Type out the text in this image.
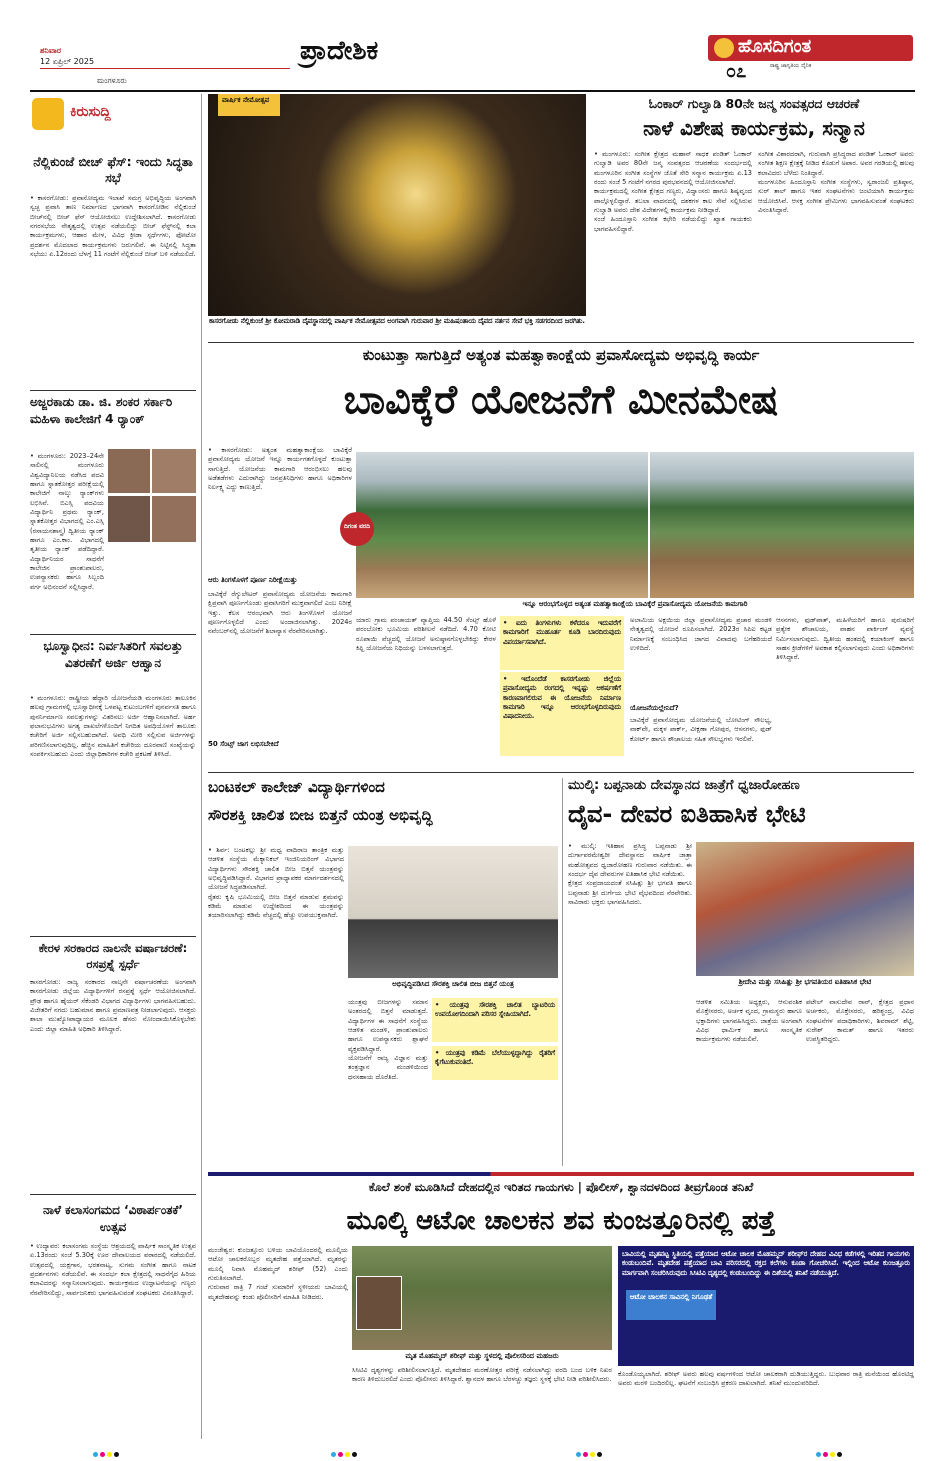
ಶನಿವಾರ
12 ಏಪ್ರಿಲ್ 2025
ಮಂಗಳೂರು
ಪ್ರಾದೇಶಿಕ	ಹೊಸದಿಗಂತ
ರಾಷ್ಟ್ರ ಜಾಗೃತಿಯ ದೈನಿಕ
೦೭
ಕಿರುಸುದ್ದಿ
ನೆಲ್ಲಿಕುಂಜೆ ಬೀಚ್ ಫೆಸ್: ಇಂದು ಸಿದ್ಧತಾ ಸಭೆ
• ಕಾಸರಗೋಡು: ಪ್ರವಾಸೋದ್ಯಮ ಇಲಾಖೆ ಸಮಗ್ರ ಅಭಿವೃದ್ಧಿಯ ಅಂಗವಾಗಿ ಸ್ವಚ್ಛ ಪ್ರವಾಸಿ ತಾಣ ನಿರ್ಮಾಣದ ಭಾಗವಾಗಿ ಕಾಸರಗೋಡಿನ ನೆಲ್ಲಿಕುಂಜೆ ಬೀಚ್‌ನಲ್ಲಿ ಬೀಚ್ ಫೆಸ್ ಆಯೋಜಿಸಲು ಉದ್ದೇಶಿಸಲಾಗಿದೆ. ಕಾಸರಗೋಡು ನಗರಸಭೆಯ ನೇತೃತ್ವದಲ್ಲಿ ಉತ್ಸವ ನಡೆಯಲಿದ್ದು ಬೀಚ್ ಫೆಸ್ಟ್‌ನಲ್ಲಿ ಕಲಾ ಕಾರ್ಯಕ್ರಮಗಳು, ಆಹಾರ ಮೇಳ, ವಿವಿಧ ಕ್ರೀಡಾ ಸ್ಪರ್ಧೆಗಳು, ಫೋಟೋ ಪ್ರದರ್ಶನ ಮೊದಲಾದ ಕಾರ್ಯಕ್ರಮಗಳು ಜರುಗಲಿವೆ. ಈ ನಿಟ್ಟಿನಲ್ಲಿ ಸಿದ್ಧತಾ ಸಭೆಯು ಏ.12ರಂದು ಬೆಳಗ್ಗೆ 11 ಗಂಟೆಗೆ ನೆಲ್ಲಿಕುಂಜೆ ಬೀಚ್ ಬಳಿ ನಡೆಯಲಿದೆ.
ಅಜ್ಜರಕಾಡು ಡಾ. ಜಿ. ಶಂಕರ ಸರ್ಕಾರಿ ಮಹಿಳಾ ಕಾಲೇಜಿಗೆ 4 ರ‍್ಯಾಂಕ್
• ಮಂಗಳೂರು: 2023–24ನೇ ಸಾಲಿನಲ್ಲಿ ಮಂಗಳೂರು ವಿಶ್ವವಿದ್ಯಾನಿಲಯ ನಡೆಸಿದ ಪದವಿ ಹಾಗೂ ಸ್ನಾತಕೋತ್ತರ ಪರೀಕ್ಷೆಯಲ್ಲಿ ಕಾಲೇಜಿಗೆ ನಾಲ್ಕು ರ‍್ಯಾಂಕ್‌ಗಳು ಲಭಿಸಿವೆ. ಬಿಎಸ್ಸಿ ಪದವಿಯ ವಿದ್ಯಾರ್ಥಿನಿ ಪ್ರಥಮ ರ‍್ಯಾಂಕ್, ಸ್ನಾತಕೋತ್ತರ ವಿಭಾಗದಲ್ಲಿ ಎಂ.ಎಸ್ಸಿ (ರಸಾಯನಶಾಸ್ತ್ರ) ದ್ವಿತೀಯ ರ‍್ಯಾಂಕ್ ಹಾಗೂ ಎಂ.ಕಾಂ. ವಿಭಾಗದಲ್ಲಿ ತೃತೀಯ ರ‍್ಯಾಂಕ್ ಪಡೆದಿದ್ದಾರೆ. ವಿದ್ಯಾರ್ಥಿನಿಯರ ಸಾಧನೆಗೆ ಕಾಲೇಜಿನ ಪ್ರಾಂಶುಪಾಲರು, ಉಪನ್ಯಾಸಕರು ಹಾಗೂ ಸಿಬ್ಬಂದಿ ವರ್ಗ ಅಭಿನಂದನೆ ಸಲ್ಲಿಸಿದ್ದಾರೆ.
ಭೂಸ್ವಾಧೀನ: ನಿರ್ವಸಿತರಿಗೆ ಸವಲತ್ತು ವಿತರಣೆಗೆ ಅರ್ಜಿ ಆಹ್ವಾನ
• ಮಂಗಳೂರು: ರಾಷ್ಟ್ರೀಯ ಹೆದ್ದಾರಿ ಯೋಜನೆಯಡಿ ಮಂಗಳೂರು ತಾಲೂಕಿನ ಹಲವು ಗ್ರಾಮಗಳಲ್ಲಿ ಭೂಸ್ವಾಧೀನಕ್ಕೆ ಒಳಪಟ್ಟ ಕುಟುಂಬಗಳಿಗೆ ಪುನರ್ವಸತಿ ಹಾಗೂ ಪುನರ್ನಿರ್ಮಾಣ ಸವಲತ್ತುಗಳನ್ನು ವಿತರಿಸಲು ಅರ್ಜಿ ಆಹ್ವಾನಿಸಲಾಗಿದೆ. ಅರ್ಹ ಫಲಾನುಭವಿಗಳು ಅಗತ್ಯ ದಾಖಲೆಗಳೊಂದಿಗೆ ನಿಗದಿತ ಅವಧಿಯೊಳಗೆ ತಾಲೂಕು ಕಚೇರಿಗೆ ಅರ್ಜಿ ಸಲ್ಲಿಸಬಹುದಾಗಿದೆ. ಅವಧಿ ಮೀರಿ ಸಲ್ಲಿಸುವ ಅರ್ಜಿಗಳನ್ನು ಪರಿಗಣಿಸಲಾಗುವುದಿಲ್ಲ. ಹೆಚ್ಚಿನ ಮಾಹಿತಿಗೆ ಕಚೇರಿಯ ದೂರವಾಣಿ ಸಂಖ್ಯೆಯನ್ನು ಸಂಪರ್ಕಿಸಬಹುದು ಎಂದು ಜಿಲ್ಲಾಧಿಕಾರಿಗಳ ಕಚೇರಿ ಪ್ರಕಟಣೆ ತಿಳಿಸಿದೆ.
ಕೇರಳ ಸರಕಾರದ ನಾಲನೇ ವರ್ಷಾಚರಣೆ: ರಸಪ್ರಶ್ನೆ ಸ್ಪರ್ಧೆ
ಕಾಸರಗೋಡು: ರಾಜ್ಯ ಸರಕಾರದ ನಾಲ್ಕನೇ ವರ್ಷಾಚರಣೆಯ ಅಂಗವಾಗಿ ಕಾಸರಗೋಡು ಜಿಲ್ಲೆಯ ವಿದ್ಯಾರ್ಥಿಗಳಿಗೆ ರಸಪ್ರಶ್ನೆ ಸ್ಪರ್ಧೆ ಆಯೋಜಿಸಲಾಗಿದೆ. ಪ್ರೌಢ ಹಾಗೂ ಹೈಯರ್ ಸೆಕೆಂಡರಿ ವಿಭಾಗದ ವಿದ್ಯಾರ್ಥಿಗಳು ಭಾಗವಹಿಸಬಹುದು. ವಿಜೇತರಿಗೆ ನಗದು ಬಹುಮಾನ ಹಾಗೂ ಪ್ರಮಾಣಪತ್ರ ನೀಡಲಾಗುವುದು. ಆಸಕ್ತರು ಶಾಲಾ ಮುಖ್ಯೋಪಾಧ್ಯಾಯರ ಮೂಲಕ ಹೆಸರು ನೋಂದಾಯಿಸಿಕೊಳ್ಳಬೇಕು ಎಂದು ಜಿಲ್ಲಾ ಮಾಹಿತಿ ಅಧಿಕಾರಿ ತಿಳಿಸಿದ್ದಾರೆ.
ನಾಳೆ ಕಲಾಸಂಗಮದ ‘ವಿಠಾರ್ಪಂತಕೆ’ ಉತ್ಸವ
• ಉದ್ಯಾವರ: ಕಲಾಸಂಗಮ ಸಂಸ್ಥೆಯ ಆಶ್ರಯದಲ್ಲಿ ವಾರ್ಷಿಕ ಸಾಂಸ್ಕೃತಿಕ ಉತ್ಸವ ಏ.13ರಂದು ಸಂಜೆ 5.30ಕ್ಕೆ ಊರ ದೇವಾಲಯದ ವಠಾರದಲ್ಲಿ ನಡೆಯಲಿದೆ. ಉತ್ಸವದಲ್ಲಿ ಯಕ್ಷಗಾನ, ಭರತನಾಟ್ಯ, ಸುಗಮ ಸಂಗೀತ ಹಾಗೂ ನಾಟಕ ಪ್ರದರ್ಶನಗಳು ನಡೆಯಲಿವೆ. ಈ ಸಂದರ್ಭ ಕಲಾ ಕ್ಷೇತ್ರದಲ್ಲಿ ಸಾಧನೆಗೈದ ಹಿರಿಯ ಕಲಾವಿದರನ್ನು ಸನ್ಮಾನಿಸಲಾಗುವುದು. ಕಾರ್ಯಕ್ರಮದ ಉದ್ಘಾಟನೆಯನ್ನು ಗಣ್ಯರು ನೆರವೇರಿಸಲಿದ್ದು, ಸಾರ್ವಜನಿಕರು ಭಾಗವಹಿಸುವಂತೆ ಸಂಘಟಕರು ವಿನಂತಿಸಿದ್ದಾರೆ.
ವಾರ್ಷಿಕ ನೇಮೋತ್ಸವ
ಕಾಸರಗೋಡು ನೆಲ್ಲಿಕುಂಜೆ ಶ್ರೀ ಕೋಮರಾಡಿ ದೈವಸ್ಥಾನದಲ್ಲಿ ವಾರ್ಷಿಕ ನೇಮೋತ್ಸವದ ಅಂಗವಾಗಿ ಗುರುವಾರ ಶ್ರೀ ಮಹಿಷಂತಾಯ ದೈವದ ನರ್ತನ ಸೇವೆ ಭಕ್ತಿ ಸಡಗರದಿಂದ ಜರಗಿತು.
ಓಂಕಾರ್ ಗುಲ್ವಾಡಿ 80ನೇ ಜನ್ಮ ಸಂವತ್ಸರದ ಆಚರಣೆ
ನಾಳೆ ವಿಶೇಷ ಕಾರ್ಯಕ್ರಮ, ಸನ್ಮಾನ
• ಮಂಗಳೂರು: ಸಂಗೀತ ಕ್ಷೇತ್ರದ ಮಹಾನ್ ಸಾಧಕ ಪಂಡಿತ್ ಓಂಕಾರ್ ಗುಲ್ವಾಡಿ ಅವರ 80ನೇ ಜನ್ಮ ಸಂವತ್ಸರದ ಆಚರಣೆಯ ಸಂದರ್ಭದಲ್ಲಿ ಮಂಗಳೂರಿನ ಸಂಗೀತ ಸಂಸ್ಥೆಗಳ ಜೊತೆ ಸೇರಿ ಸನ್ಮಾನ ಕಾರ್ಯಕ್ರಮ ಏ.13 ರಂದು ಸಂಜೆ 5 ಗಂಟೆಗೆ ನಗರದ ಪುರಭವನದಲ್ಲಿ ಆಯೋಜಿಸಲಾಗಿದೆ.
ಕಾರ್ಯಕ್ರಮದಲ್ಲಿ ಸಂಗೀತ ಕ್ಷೇತ್ರದ ಗಣ್ಯರು, ವಿದ್ವಾಂಸರು ಹಾಗೂ ಶಿಷ್ಯವೃಂದ ಪಾಲ್ಗೊಳ್ಳಲಿದ್ದಾರೆ. ತಬಲಾ ವಾದನದಲ್ಲಿ ದಶಕಗಳ ಕಾಲ ಸೇವೆ ಸಲ್ಲಿಸಿರುವ ಗುಲ್ವಾಡಿ ಅವರು ದೇಶ ವಿದೇಶಗಳಲ್ಲಿ ಕಾರ್ಯಕ್ರಮ ನೀಡಿದ್ದಾರೆ.
ಸಂಜೆ ಹಿಂದೂಸ್ತಾನಿ ಸಂಗೀತ ಕಛೇರಿ ನಡೆಯಲಿದ್ದು ಖ್ಯಾತ ಗಾಯಕರು ಭಾಗವಹಿಸಲಿದ್ದಾರೆ.
ಸಂಗೀತ ವಿಶಾರದರಾಗಿ, ಗುರುವಾಗಿ ಪ್ರಸಿದ್ಧರಾದ ಪಂಡಿತ್ ಓಂಕಾರ್ ಅವರು ಸಂಗೀತ ಶಿಕ್ಷಣ ಕ್ಷೇತ್ರಕ್ಕೆ ನೀಡಿದ ಕೊಡುಗೆ ಅಪಾರ. ಅವರ ಗರಡಿಯಲ್ಲಿ ಹಲವು ಕಲಾವಿದರು ಬೆಳೆದು ನಿಂತಿದ್ದಾರೆ.
ಮಂಗಳೂರಿನ ಹಿಂದೂಸ್ತಾನಿ ಸಂಗೀತ ಸಂಸ್ಥೆಗಳು, ಸ್ವರಾಂಜಲಿ ಪ್ರತಿಷ್ಠಾನ, ಸುರ್ ತಾಲ್ ಹಾಗೂ ಇತರ ಸಂಘಟನೆಗಳು ಜಂಟಿಯಾಗಿ ಕಾರ್ಯಕ್ರಮ ಆಯೋಜಿಸಿವೆ. ಆಸಕ್ತ ಸಂಗೀತ ಪ್ರೇಮಿಗಳು ಭಾಗವಹಿಸುವಂತೆ ಸಂಘಟಕರು ವಿನಂತಿಸಿದ್ದಾರೆ.
ಕುಂಟುತ್ತಾ ಸಾಗುತ್ತಿದೆ ಅತ್ಯಂತ ಮಹತ್ವಾಕಾಂಕ್ಷೆಯ ಪ್ರವಾಸೋದ್ಯಮ ಅಭಿವೃದ್ಧಿ ಕಾರ್ಯ
ಬಾವಿಕ್ಕೆರೆ ಯೋಜನೆಗೆ ಮೀನಮೇಷ
• ಕಾಸರಗೋಡು: ಅತ್ಯಂತ ಮಹತ್ವಾಕಾಂಕ್ಷೆಯ ಬಾವಿಕ್ಕೆರೆ ಪ್ರವಾಸೋದ್ಯಮ ಯೋಜನೆ ಇನ್ನೂ ಕಾರ್ಯಗತಗೊಳ್ಳದೆ ಕುಂಟುತ್ತಾ ಸಾಗುತ್ತಿದೆ. ಯೋಜನೆಯ ಕಾಮಗಾರಿ ಆರಂಭಿಸಲು ಹಲವು ಅಡೆತಡೆಗಳು ಎದುರಾಗಿದ್ದು ಜನಪ್ರತಿನಿಧಿಗಳು ಹಾಗೂ ಅಧಿಕಾರಿಗಳ ನಿರ್ಲಕ್ಷ್ಯ ಎದ್ದು ಕಾಣುತ್ತಿದೆ.
ಆರು ತಿಂಗಳೊಳಗೆ ಪೂರ್ಣ ನಿರೀಕ್ಷೆಯಿತ್ತು
ಬಾವಿಕ್ಕೆರೆ ರೆಗ್ಯುಲೇಟರ್ ಪ್ರವಾಸೋದ್ಯಮ ಯೋಜನೆಯ ಕಾಮಗಾರಿ ಕ್ಷಿಪ್ರವಾಗಿ ಪೂರ್ಣಗೊಂಡು ಪ್ರವಾಸಿಗರಿಗೆ ಮುಕ್ತವಾಗಲಿದೆ ಎಂಬ ನಿರೀಕ್ಷೆ ಇತ್ತು. ಕೆಲಸ ಆರಂಭವಾಗಿ ಆರು ತಿಂಗಳೊಳಗೆ ಯೋಜನೆ ಪೂರ್ಣಗೊಳ್ಳಲಿದೆ ಎಂದು ಅಂದಾಜಿಸಲಾಗಿತ್ತು. 2024ರ ನವೆಂಬರ್‌ನಲ್ಲಿ ಯೋಜನೆಗೆ ಶಿಲಾನ್ಯಾಸ ನೆರವೇರಿಸಲಾಗಿತ್ತು.
50 ಸೆಂಟ್ಸ್ ಜಾಗ ಲಭಿಸಬೇಕಿದೆ
ದಿಗಂತ ವರದಿ
ಇನ್ನೂ ಆರಂಭಗೊಳ್ಳದ ಅತ್ಯಂತ ಮಹತ್ವಾಕಾಂಕ್ಷೆಯ ಬಾವಿಕ್ಕೆರೆ ಪ್ರವಾಸೋದ್ಯಮ ಯೋಜನೆಯ ಕಾಮಗಾರಿ
ಯಾರು ಗ್ರಾಮ ಪಂಚಾಯತ್ ವ್ಯಾಪ್ತಿಯ 44.50 ಸೆಂಟ್ಸ್ ಹೊಳೆ ಪರಂಬೋಕು ಭೂಮಿಯ ಪರಿಶೀಲನೆ ನಡೆದಿದೆ. 4.70 ಕೋಟಿ ರೂಪಾಯಿ ವೆಚ್ಚದಲ್ಲಿ ಯೋಜನೆ ಅನುಷ್ಠಾನಗೊಳ್ಳಬೇಕಿದ್ದು ಕೇರಳ ಕಿಫ್ಬಿ ಯೋಜನೆಯ ನಿಧಿಯನ್ನು ಬಳಸಲಾಗುತ್ತದೆ.
• ಐದು ತಿಂಗಳುಗಳು ಕಳೆದರೂ ಇದುವರೆಗೆ ಕಾಮಗಾರಿಗೆ ಮುಹೂರ್ತ ಕೂಡಿ ಬಾರದಿರುವುದು ವಿಪರ್ಯಾಸವಾಗಿದೆ.
• ಇದೊಂದೆಡೆ ಕಾಸರಗೋಡು ಜಿಲ್ಲೆಯ ಪ್ರವಾಸೋದ್ಯಮ ರಂಗದಲ್ಲಿ ಇನ್ನಷ್ಟು ಆಕರ್ಷಣೆಗೆ ಕಾರಣವಾಗಲಿರುವ ಈ ಯೋಜನೆಯ ನಿರ್ಮಾಣ ಕಾಮಗಾರಿ ಇನ್ನೂ ಆರಂಭಗೊಳ್ಳದಿರುವುದು ವಿಷಾದನೀಯ.
ಅಲಾಮಿಯ ಅಕ್ಷಯಿಯ ಜಿಲ್ಲಾ ಪ್ರವಾಸೋದ್ಯಮ ಪ್ರಚಾರ ಮಂಡಳಿ ನೇತೃತ್ವದಲ್ಲಿ ಯೋಜನೆ ರೂಪಿಸಲಾಗಿದೆ. 2023ರ ಸಿಪಿಐ ಕಟ್ಟಡ ನಿರ್ಮಾಣಕ್ಕೆ ಸಂಬಂಧಿಸಿದ ಜಾಗದ ವಿವಾದವು ಬಗೆಹರಿಯದೆ ಉಳಿದಿದೆ.
ಯೋಜನೆಯಲ್ಲೇನಿದೆ?
ಬಾವಿಕ್ಕೆರೆ ಪ್ರವಾಸೋದ್ಯಮ ಯೋಜನೆಯಲ್ಲಿ ಬೋಟಿಂಗ್ ಸೌಲಭ್ಯ, ವಾಕ್‌ವೇ, ಮಕ್ಕಳ ಪಾರ್ಕ್, ವೀಕ್ಷಣಾ ಗೋಪುರ, ಆಸನಗಳು, ಫುಡ್ ಕೋರ್ಟ್ ಹಾಗೂ ಶೌಚಾಲಯ ಸಹಿತ ಸೌಲಭ್ಯಗಳು ಇರಲಿವೆ.
ಆಸನಗಳು, ಫುಡ್‌ಪಾತ್, ಮಹಿಳೆಯರಿಗೆ ಹಾಗೂ ಪುರುಷರಿಗೆ ಪ್ರತ್ಯೇಕ ಶೌಚಾಲಯ, ವಾಹನ ಪಾರ್ಕಿಂಗ್ ವ್ಯವಸ್ಥೆ ನಿರ್ಮಿಸಲಾಗುವುದು. ದ್ವಿತೀಯ ಹಂತದಲ್ಲಿ ಕಯಾಕಿಂಗ್ ಹಾಗೂ ಸಾಹಸ ಕ್ರೀಡೆಗಳಿಗೆ ಅವಕಾಶ ಕಲ್ಪಿಸಲಾಗುವುದು ಎಂದು ಅಧಿಕಾರಿಗಳು ತಿಳಿಸಿದ್ದಾರೆ.
ಬಂಟಕಲ್ ಕಾಲೇಜ್ ವಿದ್ಯಾರ್ಥಿಗಳಿಂದ
ಸೌರಶಕ್ತಿ ಚಾಲಿತ ಬೀಜ ಬಿತ್ತನೆ ಯಂತ್ರ ಅಭಿವೃದ್ಧಿ
• ಶಿರ್ವ: ಬಂಟಕಲ್ಲು ಶ್ರೀ ಮಧ್ವ ವಾದಿರಾಜ ತಾಂತ್ರಿಕ ಮತ್ತು ಆಡಳಿತ ಸಂಸ್ಥೆಯ ಮೆಕ್ಯಾನಿಕಲ್ ಇಂಜಿನಿಯರಿಂಗ್ ವಿಭಾಗದ ವಿದ್ಯಾರ್ಥಿಗಳು ಸೌರಶಕ್ತಿ ಚಾಲಿತ ಬೀಜ ಬಿತ್ತನೆ ಯಂತ್ರವನ್ನು ಅಭಿವೃದ್ಧಿಪಡಿಸಿದ್ದಾರೆ. ವಿಭಾಗದ ಪ್ರಾಧ್ಯಾಪಕರ ಮಾರ್ಗದರ್ಶನದಲ್ಲಿ ಯೋಜನೆ ಸಿದ್ಧಪಡಿಸಲಾಗಿದೆ.
ರೈತರು ಕೃಷಿ ಭೂಮಿಯಲ್ಲಿ ಬೀಜ ಬಿತ್ತನೆ ಮಾಡುವ ಶ್ರಮವನ್ನು ಕಡಿಮೆ ಮಾಡುವ ಉದ್ದೇಶದಿಂದ ಈ ಯಂತ್ರವನ್ನು ತಯಾರಿಸಲಾಗಿದ್ದು ಕಡಿಮೆ ವೆಚ್ಚದಲ್ಲಿ ಹೆಚ್ಚು ಉಪಯುಕ್ತವಾಗಿದೆ.
ಅಭಿವೃದ್ಧಿಪಡಿಸಿದ ಸೌರಶಕ್ತಿ ಚಾಲಿತ ಬೀಜ ಬಿತ್ತನೆ ಯಂತ್ರ
• ಯಂತ್ರವು ಸೌರಶಕ್ತಿ ಚಾಲಿತ ಬ್ಯಾಟರಿಯ ಉಪಯೋಗದಿಂದಾಗಿ ಪರಿಸರ ಸ್ನೇಹಿಯಾಗಿದೆ.
• ಯಂತ್ರವು ಕಡಿಮೆ ಬೆಲೆಯುಳ್ಳದ್ದಾಗಿದ್ದು ರೈತರಿಗೆ ಕೈಗೆಟುಕುವಂತಿದೆ.
ಯಂತ್ರವು ಬೀಜಗಳನ್ನು ಸಮಾನ ಅಂತರದಲ್ಲಿ ಬಿತ್ತನೆ ಮಾಡುತ್ತದೆ. ವಿದ್ಯಾರ್ಥಿಗಳ ಈ ಸಾಧನೆಗೆ ಸಂಸ್ಥೆಯ ಆಡಳಿತ ಮಂಡಳಿ, ಪ್ರಾಂಶುಪಾಲರು ಹಾಗೂ ಉಪನ್ಯಾಸಕರು ಶ್ಲಾಘನೆ ವ್ಯಕ್ತಪಡಿಸಿದ್ದಾರೆ.
ಯೋಜನೆಗೆ ರಾಜ್ಯ ವಿಜ್ಞಾನ ಮತ್ತು ತಂತ್ರಜ್ಞಾನ ಮಂಡಳಿಯಿಂದ ಧನಸಹಾಯ ದೊರೆತಿದೆ.
ಮುಲ್ಕಿ: ಬಪ್ಪನಾಡು ದೇವಸ್ಥಾನದ ಜಾತ್ರೆಗೆ ಧ್ವಜಾರೋಹಣ
ದೈವ- ದೇವರ ಐತಿಹಾಸಿಕ ಭೇಟಿ
• ಮುಲ್ಕಿ: ಇತಿಹಾಸ ಪ್ರಸಿದ್ಧ ಬಪ್ಪನಾಡು ಶ್ರೀ ದುರ್ಗಾಪರಮೇಶ್ವರೀ ದೇವಸ್ಥಾನದ ವಾರ್ಷಿಕ ಜಾತ್ರಾ ಮಹೋತ್ಸವದ ಧ್ವಜಾರೋಹಣ ಗುರುವಾರ ನಡೆಯಿತು. ಈ ಸಂದರ್ಭ ದೈವ ದೇವರುಗಳ ಐತಿಹಾಸಿಕ ಭೇಟಿ ನಡೆಯಿತು.
ಕ್ಷೇತ್ರದ ಸಂಪ್ರದಾಯದಂತೆ ಸಸಿಹಿತ್ಲು ಶ್ರೀ ಭಗವತಿ ಹಾಗೂ ಬಪ್ಪನಾಡು ಶ್ರೀ ದುರ್ಗೆಯ ಭೇಟಿ ವೈಭವದಿಂದ ನೆರವೇರಿತು. ಸಾವಿರಾರು ಭಕ್ತರು ಭಾಗವಹಿಸಿದರು.
ಶ್ರೀದೇವಿ ಮತ್ತು ಸಸಿಹಿತ್ಲು ಶ್ರೀ ಭಗವತಿಯರ ಐತಿಹಾಸಿಕ ಭೇಟಿ
ಆಡಳಿತ ಸಮಿತಿಯ ಅಧ್ಯಕ್ಷರು, ಆನುವಂಶಿಕ ಮೊಕ್ತೇಸರರು, ಅರ್ಚಕ ವೃಂದ, ಗ್ರಾಮಸ್ಥರು ಹಾಗೂ ಭಕ್ತಾದಿಗಳು ಭಾಗವಹಿಸಿದ್ದರು. ಜಾತ್ರೆಯ ಅಂಗವಾಗಿ ವಿವಿಧ ಧಾರ್ಮಿಕ ಹಾಗೂ ಸಾಂಸ್ಕೃತಿಕ ಕಾರ್ಯಕ್ರಮಗಳು ನಡೆಯಲಿವೆ.
ಪಟೇಲ್ ವಾಸುದೇವ ರಾವ್, ಕ್ಷೇತ್ರದ ಪ್ರಧಾನ ಅರ್ಚಕರು, ಮೊಕ್ತೇಸರರು, ಹರಿಶ್ಚಂದ್ರ, ವಿವಿಧ ಸಂಘಟನೆಗಳ ಪದಾಧಿಕಾರಿಗಳು, ಶಿವರಾಮ್ ಶೆಟ್ಟಿ, ಸುರೇಶ್ ಕಾಮತ್ ಹಾಗೂ ಇತರರು ಉಪಸ್ಥಿತರಿದ್ದರು.
ಕೊಲೆ ಶಂಕೆ ಮೂಡಿಸಿದೆ ದೇಹದಲ್ಲಿನ ಇರಿತದ ಗಾಯಗಳು | ಪೊಲೀಸ್, ಶ್ವಾನದಳದಿಂದ ತೀವ್ರಗೊಂಡ ತನಿಖೆ
ಮೂಲ್ಕಿ ಆಟೋ ಚಾಲಕನ ಶವ ಕುಂಜತ್ತೂರಿನಲ್ಲಿ ಪತ್ತೆ
ಮಂಜೇಶ್ವರ: ಕುಂಜತ್ತೂರು ಬಳಿಯ ಬಾವಿಯೊಂದರಲ್ಲಿ ಮೂಲ್ಕಿಯ ಆಟೋ ಚಾಲಕರೊಬ್ಬರ ಮೃತದೇಹ ಪತ್ತೆಯಾಗಿದೆ. ಮೃತರನ್ನು ಮೂಲ್ಕಿ ನಿವಾಸಿ ಮೊಹಮ್ಮದ್ ಶರೀಫ್ (52) ಎಂದು ಗುರುತಿಸಲಾಗಿದೆ.
ಗುರುವಾರ ರಾತ್ರಿ 7 ಗಂಟೆ ಸುಮಾರಿಗೆ ಸ್ಥಳೀಯರು ಬಾವಿಯಲ್ಲಿ ಮೃತದೇಹವನ್ನು ಕಂಡು ಪೊಲೀಸರಿಗೆ ಮಾಹಿತಿ ನೀಡಿದರು.
ಮೃತ ಮೊಹಮ್ಮದ್ ಶರೀಫ್ ಮತ್ತು ಸ್ಥಳದಲ್ಲಿ ಪೊಲೀಸರಿಂದ ಮಹಜರು
ಸಿಸಿಟಿವಿ ದೃಶ್ಯಗಳನ್ನು ಪರಿಶೀಲಿಸಲಾಗುತ್ತಿದೆ. ಮೃತದೇಹದ ಮರಣೋತ್ತರ ಪರೀಕ್ಷೆ ನಡೆಸಲಾಗಿದ್ದು ವರದಿ ಬಂದ ಬಳಿಕ ನಿಖರ ಕಾರಣ ತಿಳಿದುಬರಲಿದೆ ಎಂದು ಪೊಲೀಸರು ತಿಳಿಸಿದ್ದಾರೆ. ಶ್ವಾನದಳ ಹಾಗೂ ಬೆರಳಚ್ಚು ತಜ್ಞರು ಸ್ಥಳಕ್ಕೆ ಭೇಟಿ ನೀಡಿ ಪರಿಶೀಲಿಸಿದರು.
ಬಾವಿಯಲ್ಲಿ ಮೃತಪಟ್ಟ ಸ್ಥಿತಿಯಲ್ಲಿ ಪತ್ತೆಯಾದ ಆಟೋ ಚಾಲಕ ಮೊಹಮ್ಮದ್ ಶರೀಫ್‌ರ ದೇಹದ ವಿವಿಧ ಕಡೆಗಳಲ್ಲಿ ಇರಿತದ ಗಾಯಗಳು ಕಂಡುಬಂದಿವೆ. ಮೃತದೇಹ ಪತ್ತೆಯಾದ ಬಾವಿ ಪರಿಸರದಲ್ಲಿ ರಕ್ತದ ಕಲೆಗಳು ಕೂಡಾ ಗೋಚರಿಸಿವೆ. ಇಲ್ಲಿಂದ ಆಟೋ ಕುಂಜತ್ತೂರು ಮಾರ್ಗವಾಗಿ ಸಂಚರಿಸಿರುವುದು ಸಿಸಿಟಿವಿ ದೃಶ್ಯದಲ್ಲಿ ಕಂಡುಬಂದಿದ್ದು ಈ ದಿಶೆಯಲ್ಲಿ ತನಿಖೆ ನಡೆಯುತ್ತಿದೆ.
ಆಟೋ ಚಾಲಕನ ಸಾವಿನಲ್ಲಿ ನಿಗೂಢತೆ
ಕೊಂಡೊಯ್ಯಲಾಗಿದೆ. ಶರೀಫ್ ಅವರು ಹಲವು ವರ್ಷಗಳಿಂದ ಆಟೋ ಚಾಲಕರಾಗಿ ದುಡಿಯುತ್ತಿದ್ದರು. ಬುಧವಾರ ರಾತ್ರಿ ಮನೆಯಿಂದ ಹೊರಟಿದ್ದ ಅವರು ಮರಳಿ ಬಂದಿರಲಿಲ್ಲ. ಘಟನೆಗೆ ಸಂಬಂಧಿಸಿ ಪ್ರಕರಣ ದಾಖಲಾಗಿದೆ. ತನಿಖೆ ಮುಂದುವರಿದಿದೆ.
